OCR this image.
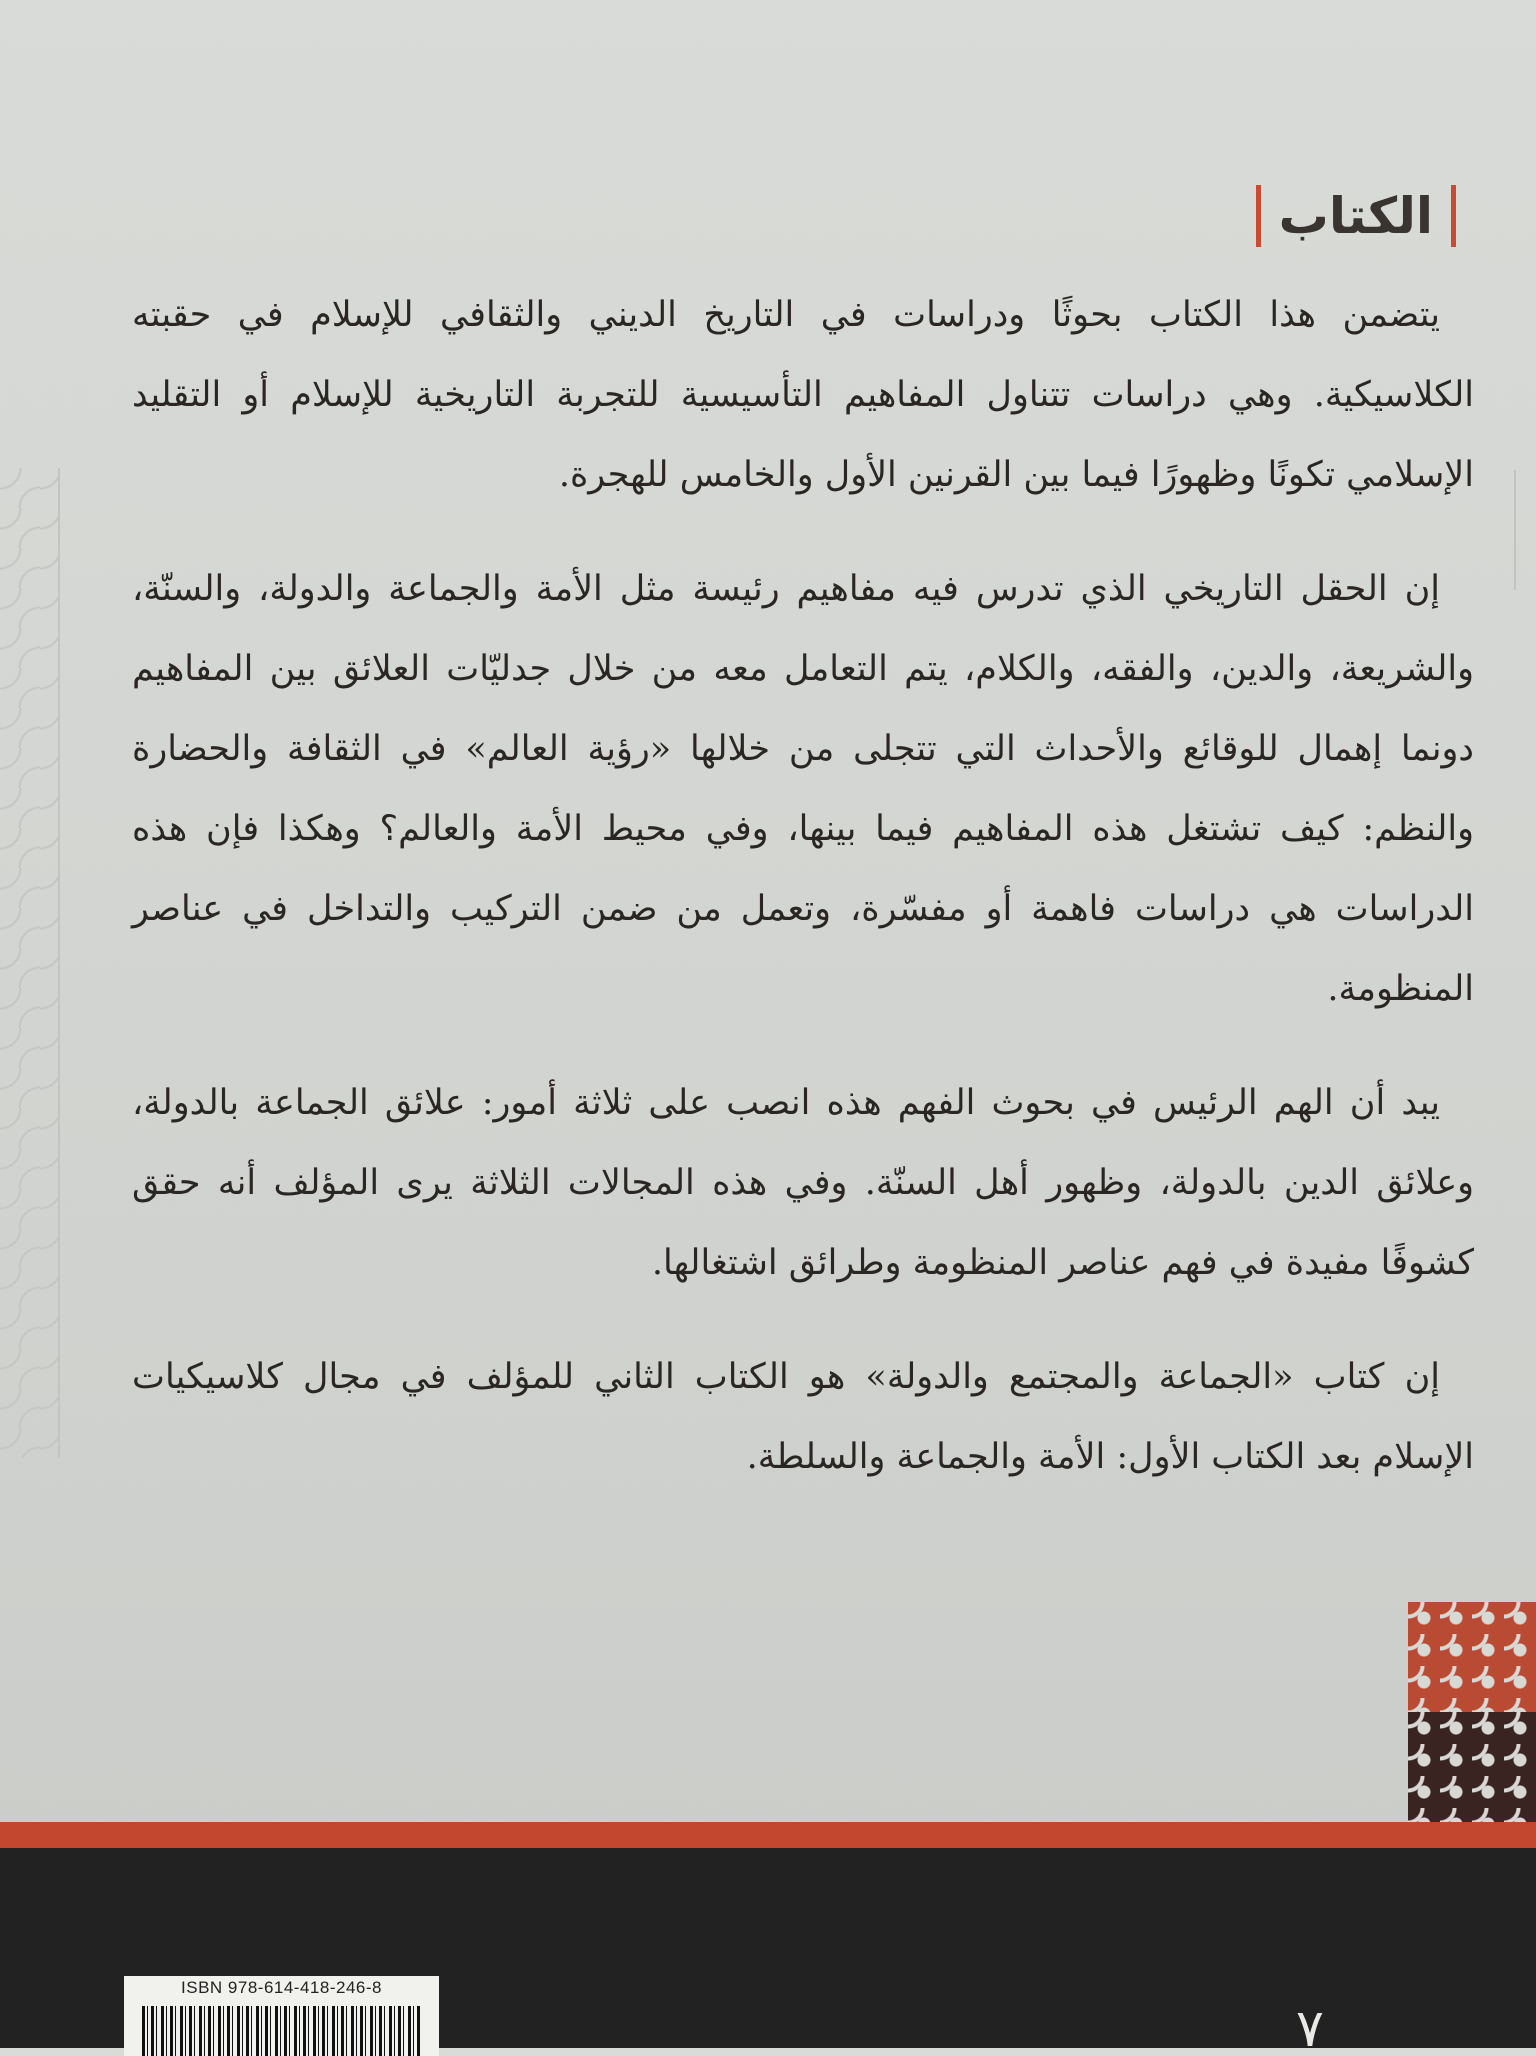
الكتاب

يتضمن هذا الكتاب بحوثًا ودراسات في التاريخ الديني والثقافي للإسلام في حقبته الكلاسيكية. وهي دراسات تتناول المفاهيم التأسيسية للتجربة التاريخية للإسلام أو التقليد الإسلامي تكونًا وظهورًا فيما بين القرنين الأول والخامس للهجرة.

إن الحقل التاريخي الذي تدرس فيه مفاهيم رئيسة مثل الأمة والجماعة والدولة، والسنّة، والشريعة، والدين، والفقه، والكلام، يتم التعامل معه من خلال جدليّات العلائق بين المفاهيم دونما إهمال للوقائع والأحداث التي تتجلى من خلالها «رؤية العالم» في الثقافة والحضارة والنظم: كيف تشتغل هذه المفاهيم فيما بينها، وفي محيط الأمة والعالم؟ وهكذا فإن هذه الدراسات هي دراسات فاهمة أو مفسّرة، وتعمل من ضمن التركيب والتداخل في عناصر المنظومة.

يبد أن الهم الرئيس في بحوث الفهم هذه انصب على ثلاثة أمور: علائق الجماعة بالدولة، وعلائق الدين بالدولة، وظهور أهل السنّة. وفي هذه المجالات الثلاثة يرى المؤلف أنه حقق كشوفًا مفيدة في فهم عناصر المنظومة وطرائق اشتغالها.

إن كتاب «الجماعة والمجتمع والدولة» هو الكتاب الثاني للمؤلف في مجال كلاسيكيات الإسلام بعد الكتاب الأول: الأمة والجماعة والسلطة.

ISBN 978-614-418-246-8
٧
